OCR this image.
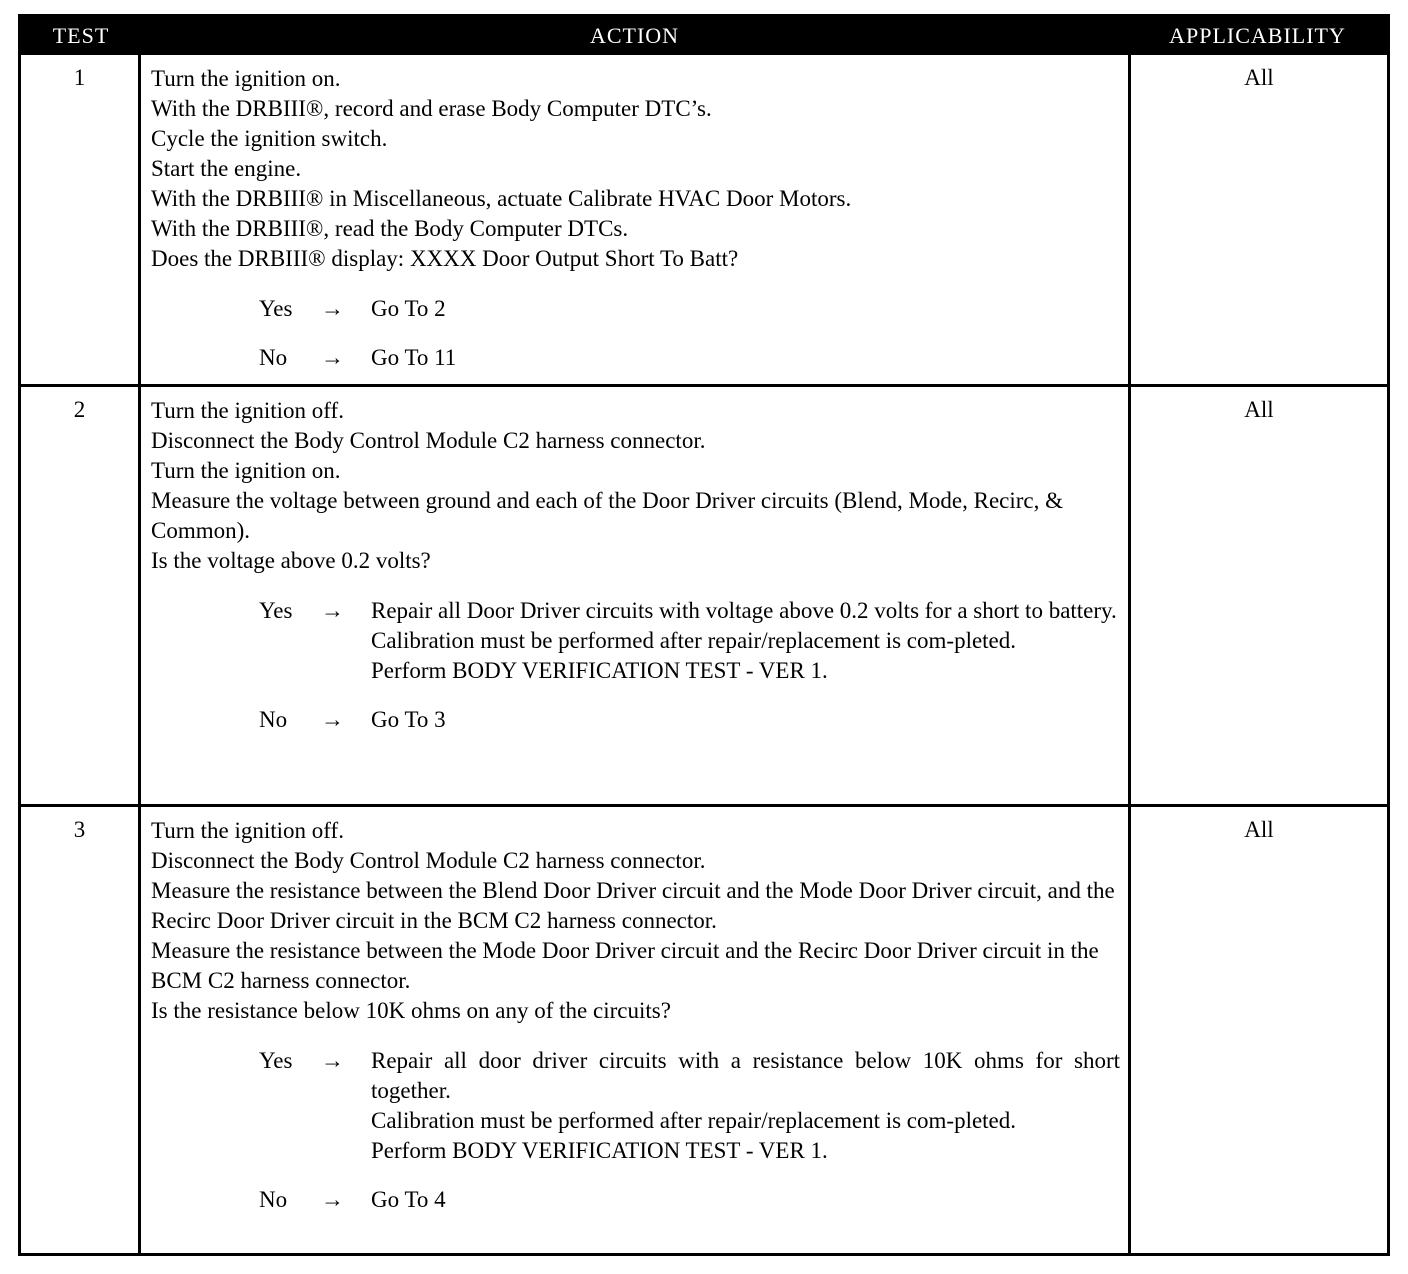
TEST	ACTION	APPLICABILITY
1	Turn the ignition on.
With the DRBIII®, record and erase Body Computer DTC’s.
Cycle the ignition switch.
Start the engine.
With the DRBIII® in Miscellaneous, actuate Calibrate HVAC Door Motors.
With the DRBIII®, read the Body Computer DTCs.
Does the DRBIII® display: XXXX Door Output Short To Batt?
Yes	→	Go To 2
No	→	Go To 11
All
2	Turn the ignition off.
Disconnect the Body Control Module C2 harness connector.
Turn the ignition on.
Measure the voltage between ground and each of the Door Driver circuits (Blend, Mode, Recirc, & Common).
Is the voltage above 0.2 volts?
Yes	→	Repair all Door Driver circuits with voltage above 0.2 volts for a short to battery.
Calibration must be performed after repair/replacement is com-pleted.
Perform BODY VERIFICATION TEST - VER 1.
No	→	Go To 3
All
3	Turn the ignition off.
Disconnect the Body Control Module C2 harness connector.
Measure the resistance between the Blend Door Driver circuit and the Mode Door Driver circuit, and the Recirc Door Driver circuit in the BCM C2 harness connector.
Measure the resistance between the Mode Door Driver circuit and the Recirc Door Driver circuit in the BCM C2 harness connector.
Is the resistance below 10K ohms on any of the circuits?
Yes	→	Repair all door driver circuits with a resistance below 10K ohms for short together.
Calibration must be performed after repair/replacement is com-pleted.
Perform BODY VERIFICATION TEST - VER 1.
No	→	Go To 4
All
